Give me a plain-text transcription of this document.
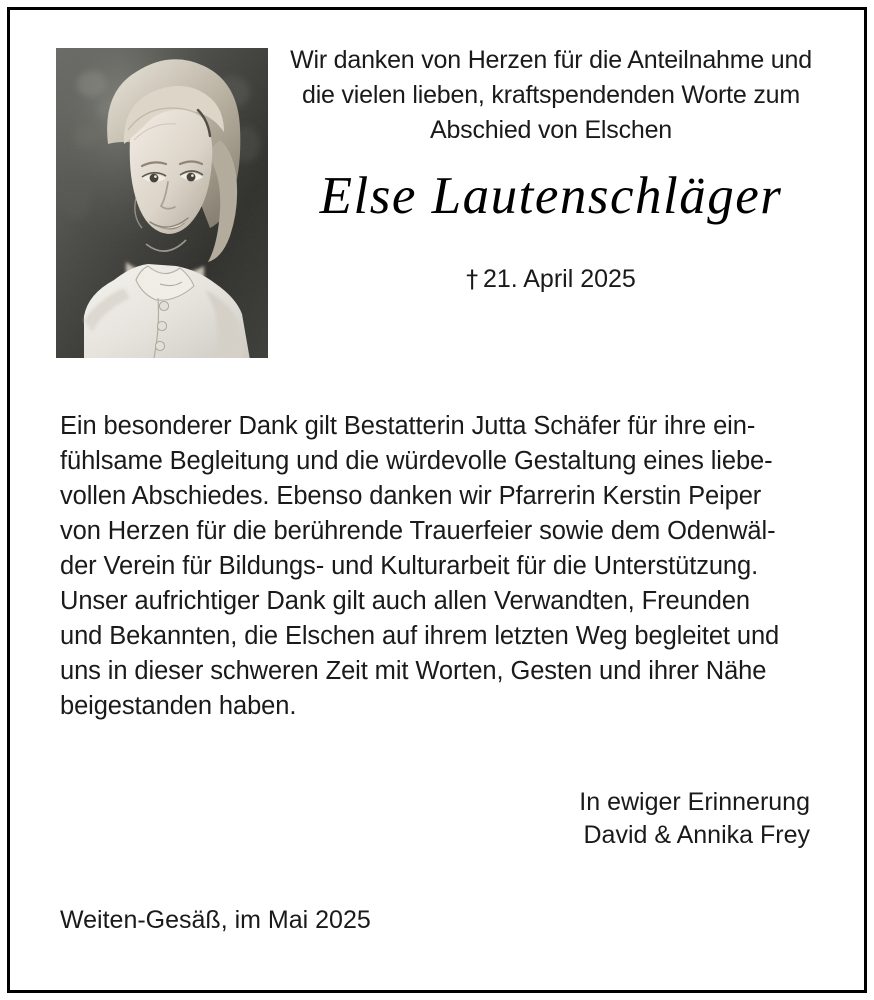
Wir danken von Herzen für die Anteilnahme und
die vielen lieben, kraftspendenden Worte zum
Abschied von Elschen
Else Lautenschläger
† 21. April 2025
Ein besonderer Dank gilt Bestatterin Jutta Schäfer für ihre ein-
fühlsame Begleitung und die würdevolle Gestaltung eines liebe-
vollen Abschiedes. Ebenso danken wir Pfarrerin Kerstin Peiper
von Herzen für die berührende Trauerfeier sowie dem Odenwäl-
der Verein für Bildungs- und Kulturarbeit für die Unterstützung.
Unser aufrichtiger Dank gilt auch allen Verwandten, Freunden
und Bekannten, die Elschen auf ihrem letzten Weg begleitet und
uns in dieser schweren Zeit mit Worten, Gesten und ihrer Nähe
beigestanden haben.
In ewiger Erinnerung
David & Annika Frey
Weiten-Gesäß, im Mai 2025
